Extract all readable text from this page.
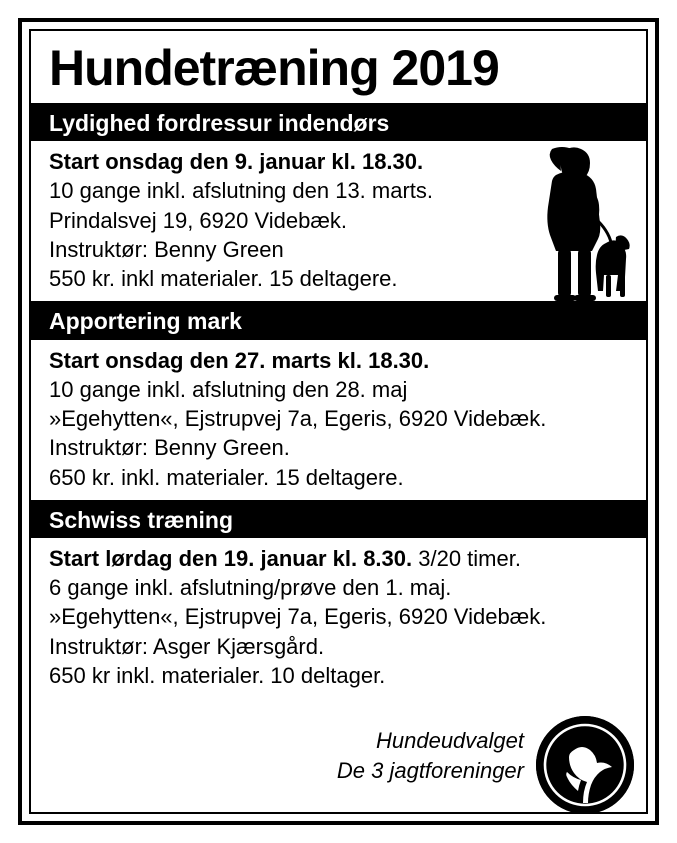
Hundetræning 2019
Lydighed fordressur indendørs
Start onsdag den 9. januar kl. 18.30.
10 gange inkl. afslutning den 13. marts.
Prindalsvej 19, 6920 Videbæk.
Instruktør: Benny Green
550 kr. inkl materialer. 15 deltagere.
Apportering mark
Start onsdag den 27. marts kl. 18.30.
10 gange inkl. afslutning den 28. maj
»Egehytten«, Ejstrupvej 7a, Egeris, 6920 Videbæk.
Instruktør: Benny Green.
650 kr. inkl. materialer. 15 deltagere.
Schwiss træning
Start lørdag den 19. januar kl. 8.30. 3/20 timer.
6 gange inkl. afslutning/prøve den 1. maj.
»Egehytten«, Ejstrupvej 7a, Egeris, 6920 Videbæk.
Instruktør: Asger Kjærsgård.
650 kr inkl. materialer. 10 deltager.
Hundeudvalget
De 3 jagtforeninger
